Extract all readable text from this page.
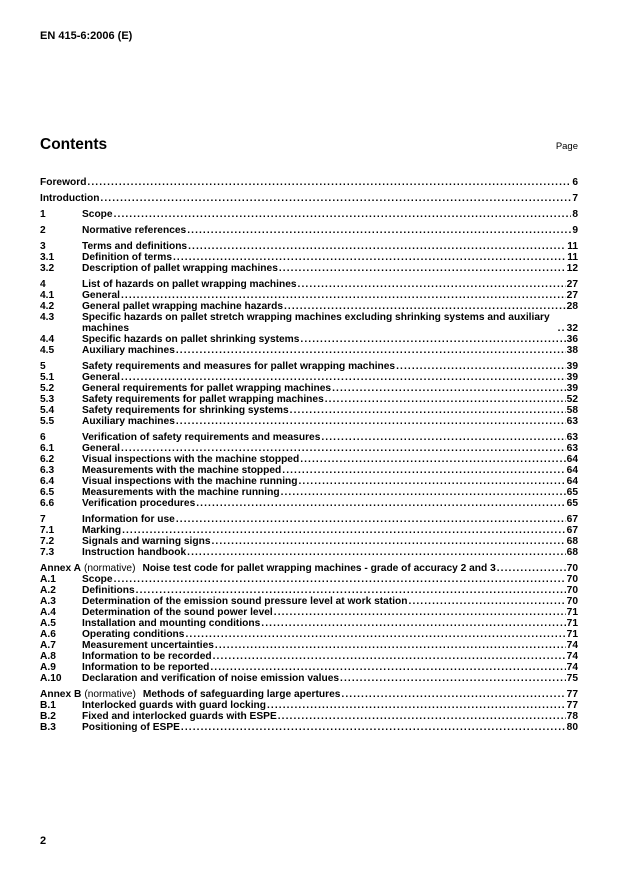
EN 415-6:2006 (E)
Contents	Page
Foreword .....	6
Introduction .....	7
1	Scope .....	8
2	Normative references .....	9
3	Terms and definitions .....	11
3.1	Definition of terms .....	11
3.2	Description of pallet wrapping machines .....	12
4	List of hazards on pallet wrapping machines .....	27
4.1	General .....	27
4.2	General pallet wrapping machine hazards .....	28
4.3	Specific hazards on pallet stretch wrapping machines excluding shrinking systems and auxiliary machines .....	32
4.4	Specific hazards on pallet shrinking systems .....	36
4.5	Auxiliary machines .....	38
5	Safety requirements and measures for pallet wrapping machines .....	39
5.1	General .....	39
5.2	General requirements for pallet wrapping machines .....	39
5.3	Safety requirements for pallet wrapping machines .....	52
5.4	Safety requirements for shrinking systems .....	58
5.5	Auxiliary machines .....	63
6	Verification of safety requirements and measures .....	63
6.1	General .....	63
6.2	Visual inspections with the machine stopped .....	64
6.3	Measurements with the machine stopped .....	64
6.4	Visual inspections with the machine running .....	64
6.5	Measurements with the machine running .....	65
6.6	Verification procedures .....	65
7	Information for use .....	67
7.1	Marking .....	67
7.2	Signals and warning signs .....	68
7.3	Instruction handbook .....	68
Annex A (normative) Noise test code for pallet wrapping machines - grade of accuracy 2 and 3 .....	70
A.1	Scope .....	70
A.2	Definitions .....	70
A.3	Determination of the emission sound pressure level at work station .....	70
A.4	Determination of the sound power level .....	71
A.5	Installation and mounting conditions .....	71
A.6	Operating conditions .....	71
A.7	Measurement uncertainties .....	74
A.8	Information to be recorded .....	74
A.9	Information to be reported .....	74
A.10	Declaration and verification of noise emission values .....	75
Annex B (normative) Methods of safeguarding large apertures .....	77
B.1	Interlocked guards with guard locking .....	77
B.2	Fixed and interlocked guards with ESPE .....	78
B.3	Positioning of ESPE .....	80
2
